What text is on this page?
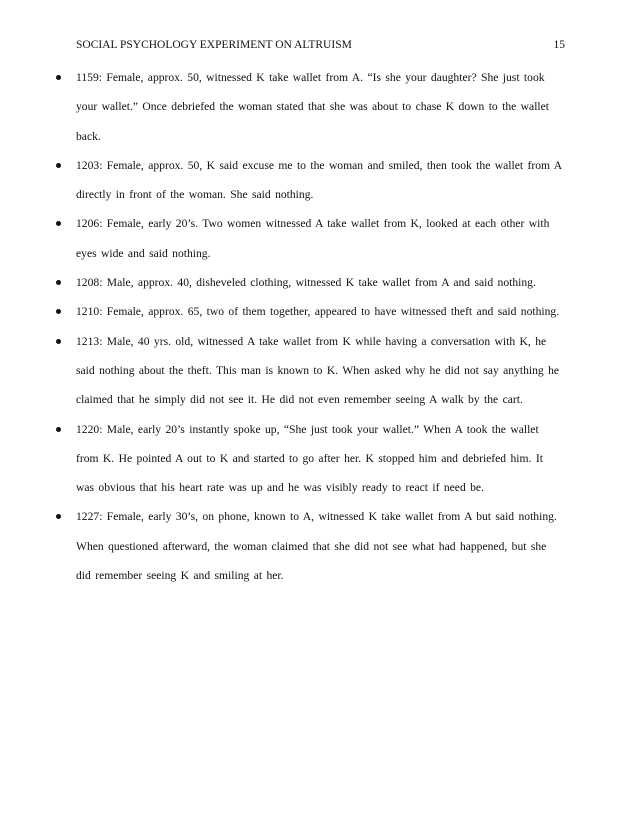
SOCIAL PSYCHOLOGY EXPERIMENT ON ALTRUISM	15
1159: Female, approx. 50, witnessed K take wallet from A. “Is she your daughter? She just took your wallet.” Once debriefed the woman stated that she was about to chase K down to the wallet back.
1203: Female, approx. 50, K said excuse me to the woman and smiled, then took the wallet from A directly in front of the woman. She said nothing.
1206: Female, early 20’s. Two women witnessed A take wallet from K, looked at each other with eyes wide and said nothing.
1208: Male, approx. 40, disheveled clothing, witnessed K take wallet from A and said nothing.
1210: Female, approx. 65, two of them together, appeared to have witnessed theft and said nothing.
1213: Male, 40 yrs. old, witnessed A take wallet from K while having a conversation with K, he said nothing about the theft. This man is known to K. When asked why he did not say anything he claimed that he simply did not see it. He did not even remember seeing A walk by the cart.
1220: Male, early 20’s instantly spoke up, “She just took your wallet.” When A took the wallet from K. He pointed A out to K and started to go after her. K stopped him and debriefed him. It was obvious that his heart rate was up and he was visibly ready to react if need be.
1227: Female, early 30’s, on phone, known to A, witnessed K take wallet from A but said nothing. When questioned afterward, the woman claimed that she did not see what had happened, but she did remember seeing K and smiling at her.
